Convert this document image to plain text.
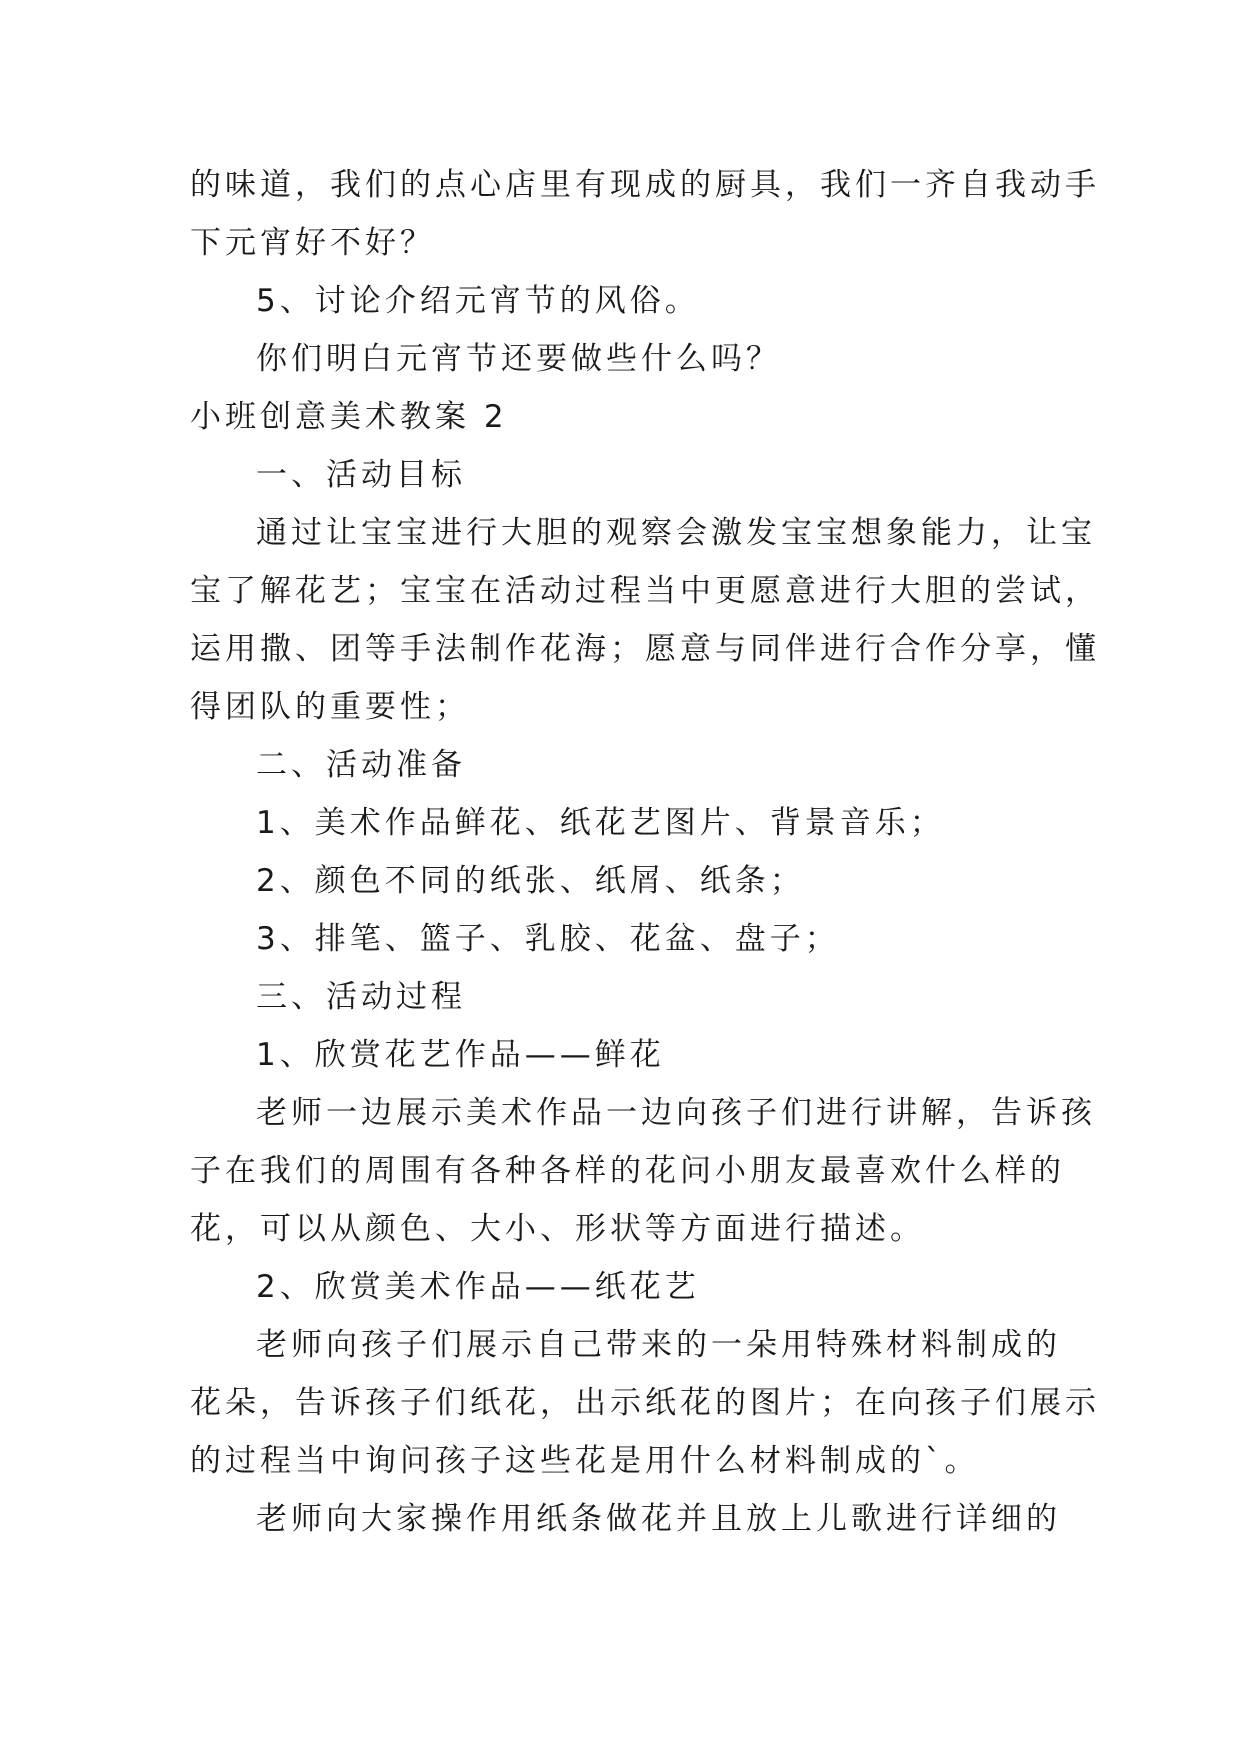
的味道，我们的点心店里有现成的厨具，我们一齐自我动手
下元宵好不好？
5、讨论介绍元宵节的风俗。
你们明白元宵节还要做些什么吗？
小班创意美术教案 2
一、活动目标
通过让宝宝进行大胆的观察会激发宝宝想象能力，让宝
宝了解花艺；宝宝在活动过程当中更愿意进行大胆的尝试，
运用撒、团等手法制作花海；愿意与同伴进行合作分享，懂
得团队的重要性；
二、活动准备
1、美术作品鲜花、纸花艺图片、背景音乐；
2、颜色不同的纸张、纸屑、纸条；
3、排笔、篮子、乳胶、花盆、盘子；
三、活动过程
1、欣赏花艺作品——鲜花
老师一边展示美术作品一边向孩子们进行讲解，告诉孩
子在我们的周围有各种各样的花问小朋友最喜欢什么样的
花，可以从颜色、大小、形状等方面进行描述。
2、欣赏美术作品——纸花艺
老师向孩子们展示自己带来的一朵用特殊材料制成的
花朵，告诉孩子们纸花，出示纸花的图片；在向孩子们展示
的过程当中询问孩子这些花是用什么材料制成的`。
老师向大家操作用纸条做花并且放上儿歌进行详细的
